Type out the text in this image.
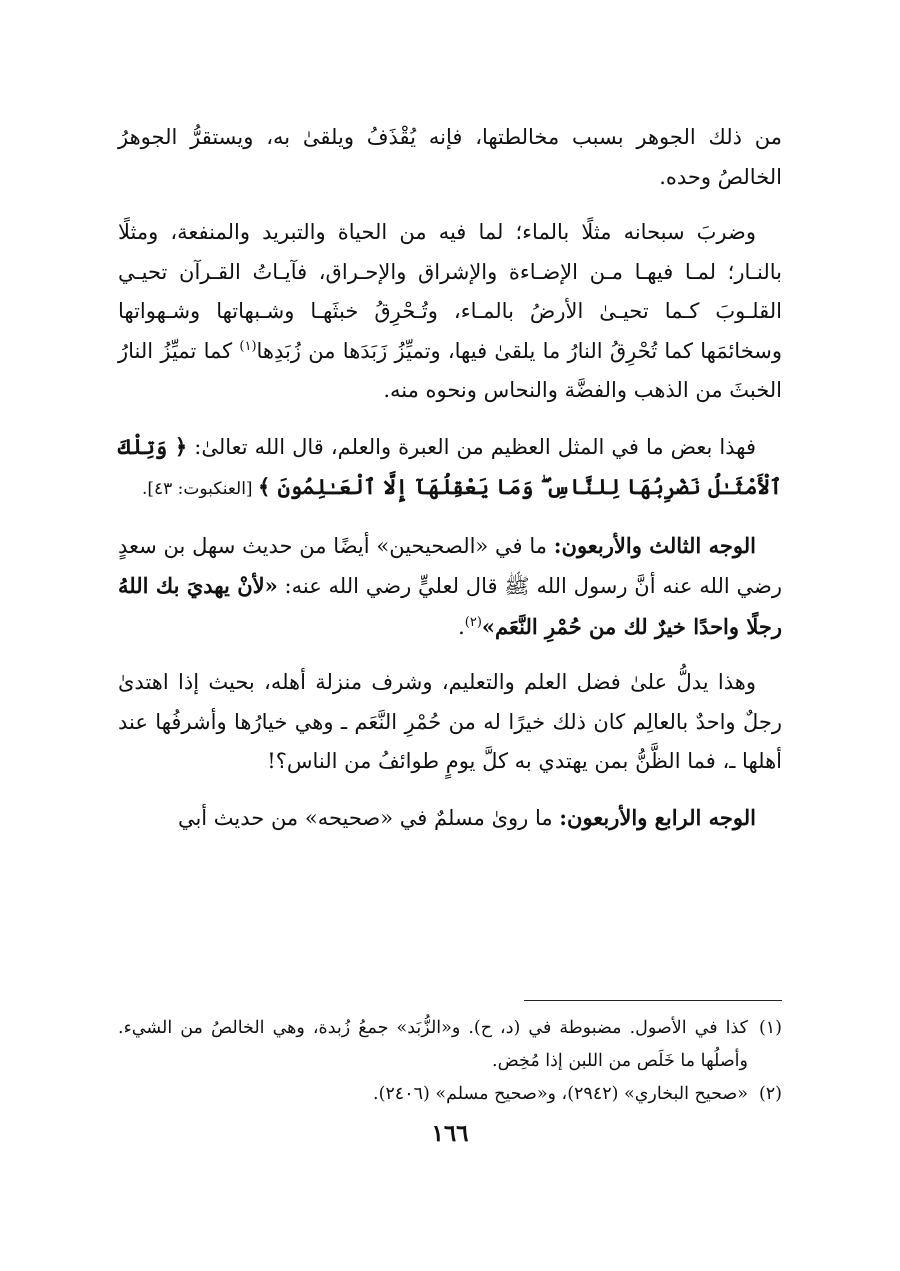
من ذلك الجوهر بسبب مخالطتها، فإنه يُقْذَفُ ويلقىٰ به، ويستقرُّ الجوهرُ الخالصُ وحده.

وضربَ سبحانه مثلًا بالماء؛ لما فيه من الحياة والتبريد والمنفعة، ومثلًا بالنـار؛ لمـا فيهـا مـن الإضـاءة والإشراق والإحـراق، فآيـاتُ القـرآن تحيـي القلـوبَ كـما تحيـىٰ الأرضُ بالمـاء، وتُـحْرِقُ خبثَهـا وشـبهاتها وشـهواتها وسخائمَها كما تُحْرِقُ النارُ ما يلقىٰ فيها، وتميِّزُ زَبَدَها من زُبَدِها$^{(١)}$ كما تميِّزُ النارُ الخبثَ من الذهب والفضَّة والنحاس ونحوه منه.

فهذا بعض ما في المثل العظيم من العبرة والعلم، قال الله تعالىٰ: ﴿ وَتِلْكَ ٱلْأَمْثَـٰلُ نَضْرِبُهَا لِلنَّاسِ ۖ وَمَا يَعْقِلُهَآ إِلَّا ٱلْعَـٰلِمُونَ ﴾ [العنكبوت: ٤٣].

الوجه الثالث والأربعون: ما في «الصحيحين» أيضًا من حديث سهل بن سعدٍ رضي الله عنه أنَّ رسول الله ﷺ قال لعليٍّ رضي الله عنه: «لأنْ يهديَ بك اللهُ رجلًا واحدًا خيرٌ لك من حُمْرِ النَّعَم»$^{(٢)}$.

وهذا يدلُّ علىٰ فضل العلم والتعليم، وشرف منزلة أهله، بحيث إذا اهتدىٰ رجلٌ واحدٌ بالعالِم كان ذلك خيرًا له من حُمْرِ النَّعَم ـ وهي خيارُها وأشرفُها عند أهلها ـ، فما الظَّنُّ بمن يهتدي به كلَّ يومٍ طوائفُ من الناس؟!

الوجه الرابع والأربعون: ما روىٰ مسلمٌ في «صحيحه» من حديث أبي

(١)
كذا في الأصول. مضبوطة في (د، ح). و«الزُّبَد» جمعُ زُبدة، وهي الخالصُ من الشيء. وأصلُها ما خَلَص من اللبن إذا مُخِض.
(٢)
«صحيح البخاري» (٢٩٤٢)، و«صحيح مسلم» (٢٤٠٦).
١٦٦
